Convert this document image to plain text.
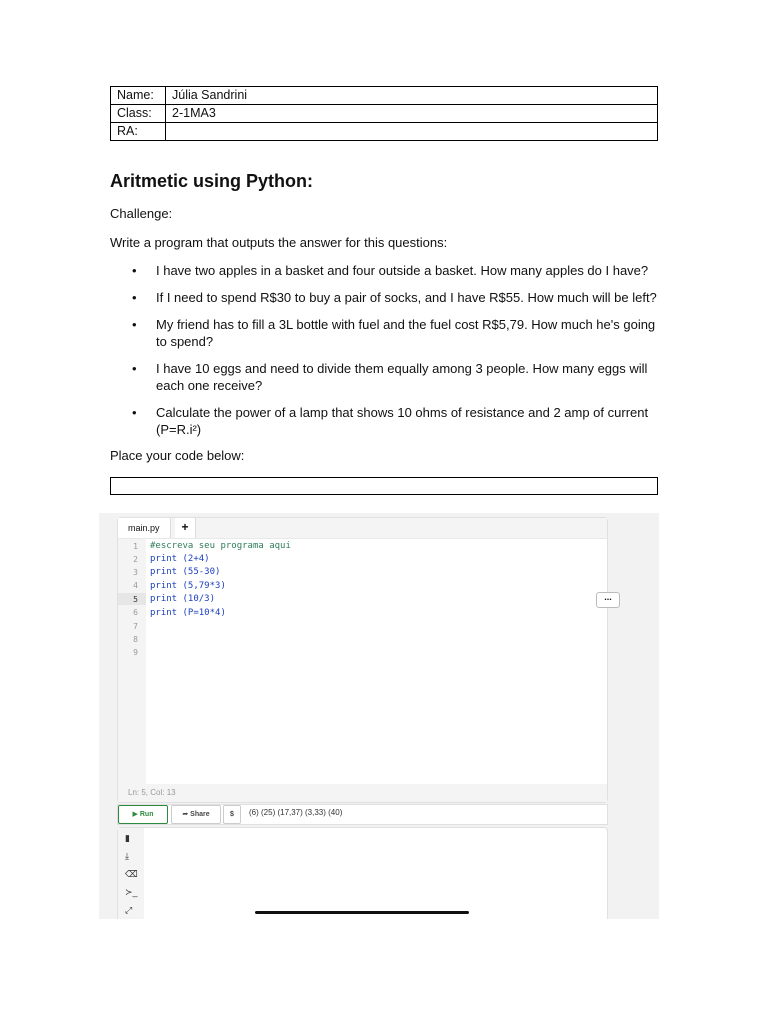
Name:	Júlia Sandrini
Class:	2-1MA3
RA:	
Aritmetic using Python:

Challenge:

Write a program that outputs the answer for this questions:

• I have two apples in a basket and four outside a basket. How many apples do I have?
• If I need to spend R$30 to buy a pair of socks, and I have R$55. How much will be left?
• My friend has to fill a 3L bottle with fuel and the fuel cost R$5,79. How much he's going to spend?
• I have 10 eggs and need to divide them equally among 3 people. How many eggs will each one receive?
• Calculate the power of a lamp that shows 10 ohms of resistance and 2 amp of current (P=R.i²)

Place your code below:

main.py	+
1
2
3
4
5
6
7
8
9
#escreva seu programa aqui
print (2+4)
print (55-30)
print (5,79*3)
print (10/3)
print (P=10*4)
...
Ln: 5, Col: 13
▶ Run	➦ Share	$	(6) (25) (17,37) (3,33) (40)
▮
⤓
⌫
≻_
⤢
